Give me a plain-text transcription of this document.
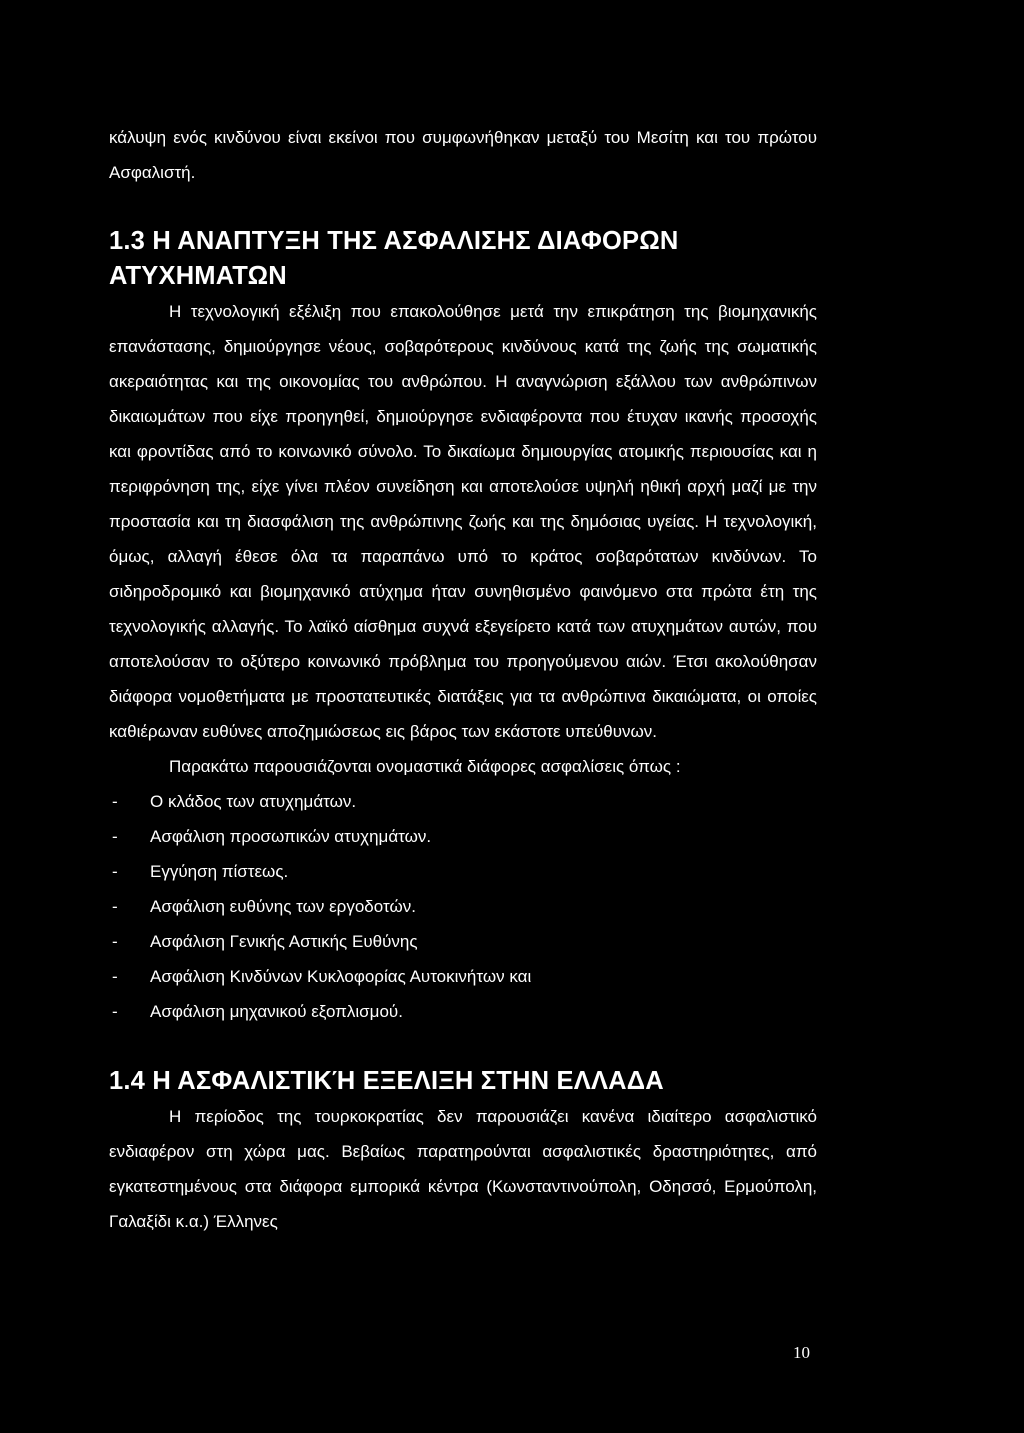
κάλυψη ενός κινδύνου είναι εκείνοι που συμφωνήθηκαν μεταξύ του Μεσίτη και του πρώτου Ασφαλιστή.

1.3 Η ΑΝΑΠΤΥΞΗ ΤΗΣ ΑΣΦΑΛΙΣΗΣ ΔΙΑΦΟΡΩΝ ΑΤΥΧΗΜΑΤΩΝ

Η τεχνολογική εξέλιξη που επακολούθησε μετά την επικράτηση της βιομηχανικής επανάστασης, δημιούργησε νέους, σοβαρότερους κινδύνους κατά της ζωής της σωματικής ακεραιότητας και της οικονομίας του ανθρώπου. Η αναγνώριση εξάλλου των ανθρώπινων δικαιωμάτων που είχε προηγηθεί, δημιούργησε ενδιαφέροντα που έτυχαν ικανής προσοχής και φροντίδας από το κοινωνικό σύνολο. Το δικαίωμα δημιουργίας ατομικής περιουσίας και η περιφρόνηση της, είχε γίνει πλέον συνείδηση και αποτελούσε υψηλή ηθική αρχή μαζί με την προστασία και τη διασφάλιση της ανθρώπινης ζωής και της δημόσιας υγείας. Η τεχνολογική, όμως, αλλαγή έθεσε όλα τα παραπάνω υπό το κράτος σοβαρότατων κινδύνων. Το σιδηροδρομικό και βιομηχανικό ατύχημα ήταν συνηθισμένο φαινόμενο στα πρώτα έτη της τεχνολογικής αλλαγής. Το λαϊκό αίσθημα συχνά εξεγείρετο κατά των ατυχημάτων αυτών, που αποτελούσαν το οξύτερο κοινωνικό πρόβλημα του προηγούμενου αιών. Έτσι ακολούθησαν διάφορα νομοθετήματα με προστατευτικές διατάξεις για τα ανθρώπινα δικαιώματα, οι οποίες καθιέρωναν ευθύνες αποζημιώσεως εις βάρος των εκάστοτε υπεύθυνων.

Παρακάτω παρουσιάζονται ονομαστικά διάφορες ασφαλίσεις όπως :

- Ο κλάδος των ατυχημάτων.
- Ασφάλιση προσωπικών ατυχημάτων.
- Εγγύηση πίστεως.
- Ασφάλιση ευθύνης των εργοδοτών.
- Ασφάλιση Γενικής Αστικής Ευθύνης
- Ασφάλιση Κινδύνων Κυκλοφορίας Αυτοκινήτων και
- Ασφάλιση μηχανικού εξοπλισμού.
1.4 Η ΑΣΦΑΛΙΣΤΙΚΉ ΕΞΕΛΙΞΗ ΣΤΗΝ ΕΛΛΑΔΑ

Η περίοδος της τουρκοκρατίας δεν παρουσιάζει κανένα ιδιαίτερο ασφαλιστικό ενδιαφέρον στη χώρα μας. Βεβαίως παρατηρούνται ασφαλιστικές δραστηριότητες, από εγκατεστημένους στα διάφορα εμπορικά κέντρα (Κωνσταντινούπολη, Οδησσό, Ερμούπολη, Γαλαξίδι κ.α.) Έλληνες

10
